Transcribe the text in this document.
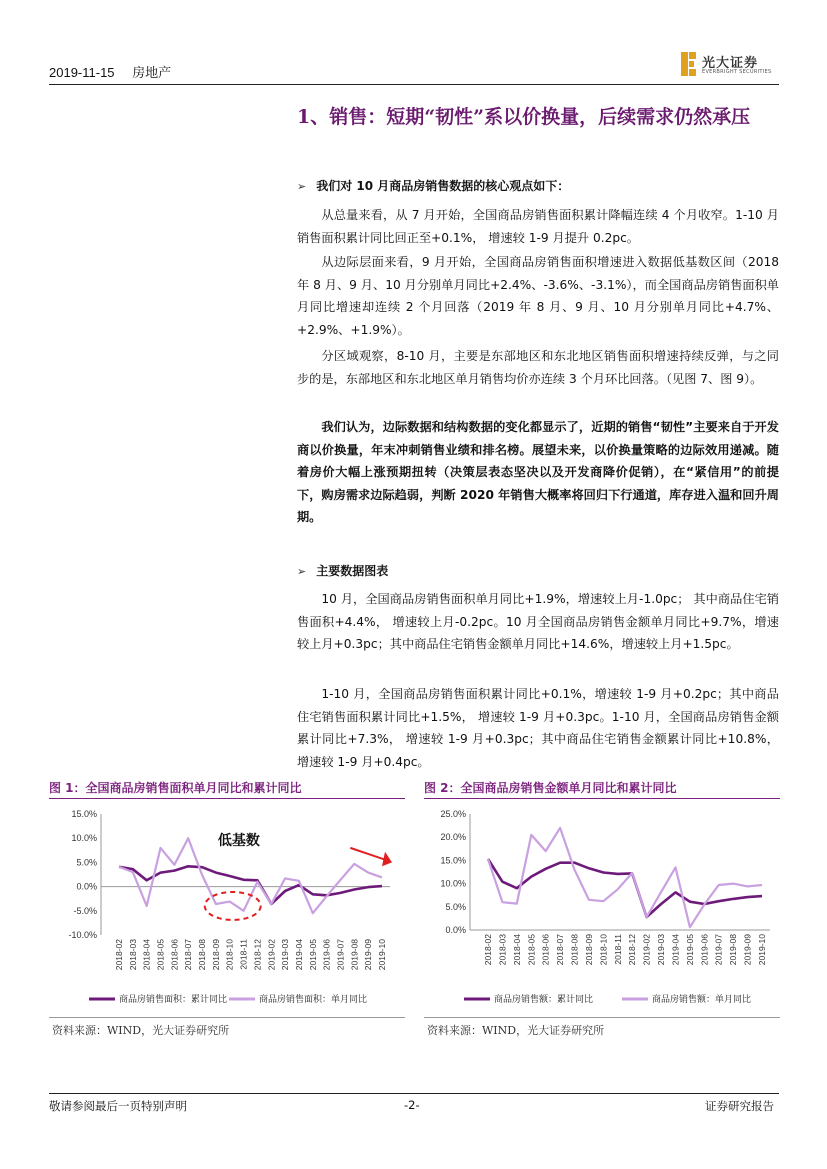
2019-11-15 房地产
光大证券
EVERBRIGHT SECURITIES
1、销售：短期“韧性”系以价换量，后续需求仍然承压
➢ 我们对 10 月商品房销售数据的核心观点如下：
从总量来看，从 7 月开始，全国商品房销售面积累计降幅连续 4 个月收窄。1-10 月销售面积累计同比回正至+0.1%， 增速较 1-9 月提升 0.2pc。
从边际层面来看，9 月开始，全国商品房销售面积增速进入数据低基数区间（2018 年 8 月、9 月、10 月分别单月同比+2.4%、-3.6%、-3.1%），而全国商品房销售面积单月同比增速却连续 2 个月回落（2019 年 8 月、9 月、10 月分别单月同比+4.7%、+2.9%、+1.9%）。
分区域观察，8-10 月，主要是东部地区和东北地区销售面积增速持续反弹，与之同步的是，东部地区和东北地区单月销售均价亦连续 3 个月环比回落。（见图 7、图 9）。
我们认为，边际数据和结构数据的变化都显示了，近期的销售“韧性”主要来自于开发商以价换量，年末冲刺销售业绩和排名榜。展望未来，以价换量策略的边际效用递减。随着房价大幅上涨预期扭转（决策层表态坚决以及开发商降价促销），在“紧信用”的前提下，购房需求边际趋弱，判断 2020 年销售大概率将回归下行通道，库存进入温和回升周期。
➢ 主要数据图表
10 月，全国商品房销售面积单月同比+1.9%，增速较上月-1.0pc； 其中商品住宅销售面积+4.4%， 增速较上月-0.2pc。10 月全国商品房销售金额单月同比+9.7%，增速较上月+0.3pc；其中商品住宅销售金额单月同比+14.6%，增速较上月+1.5pc。
1-10 月，全国商品房销售面积累计同比+0.1%，增速较 1-9 月+0.2pc；其中商品住宅销售面积累计同比+1.5%， 增速较 1-9 月+0.3pc。1-10 月，全国商品房销售金额累计同比+7.3%， 增速较 1-9 月+0.3pc；其中商品住宅销售金额累计同比+10.8%，增速较 1-9 月+0.4pc。
图 1：全国商品房销售面积单月同比和累计同比
15.0%
10.0%
5.0%
0.0%
-5.0%
-10.0%
2018-02 2018-03 2018-04 2018-05 2018-06 2018-07 2018-08 2018-09 2018-10 2018-11 2018-12 2019-02 2019-03 2019-04 2019-05 2019-06 2019-07 2019-08 2019-09 2019-10
商品房销售面积：累计同比	商品房销售面积：单月同比
低基数
资料来源：WIND，光大证券研究所
图 2：全国商品房销售金额单月同比和累计同比
25.0%
20.0%
15.0%
10.0%
5.0%
0.0%
2018-02 2018-03 2018-04 2018-05 2018-06 2018-07 2018-08 2018-09 2018-10 2018-11 2018-12 2019-02 2019-03 2019-04 2019-05 2019-06 2019-07 2019-08 2019-09 2019-10
商品房销售额：累计同比	商品房销售额：单月同比
资料来源：WIND，光大证券研究所
敬请参阅最后一页特别声明	-2-	证券研究报告
